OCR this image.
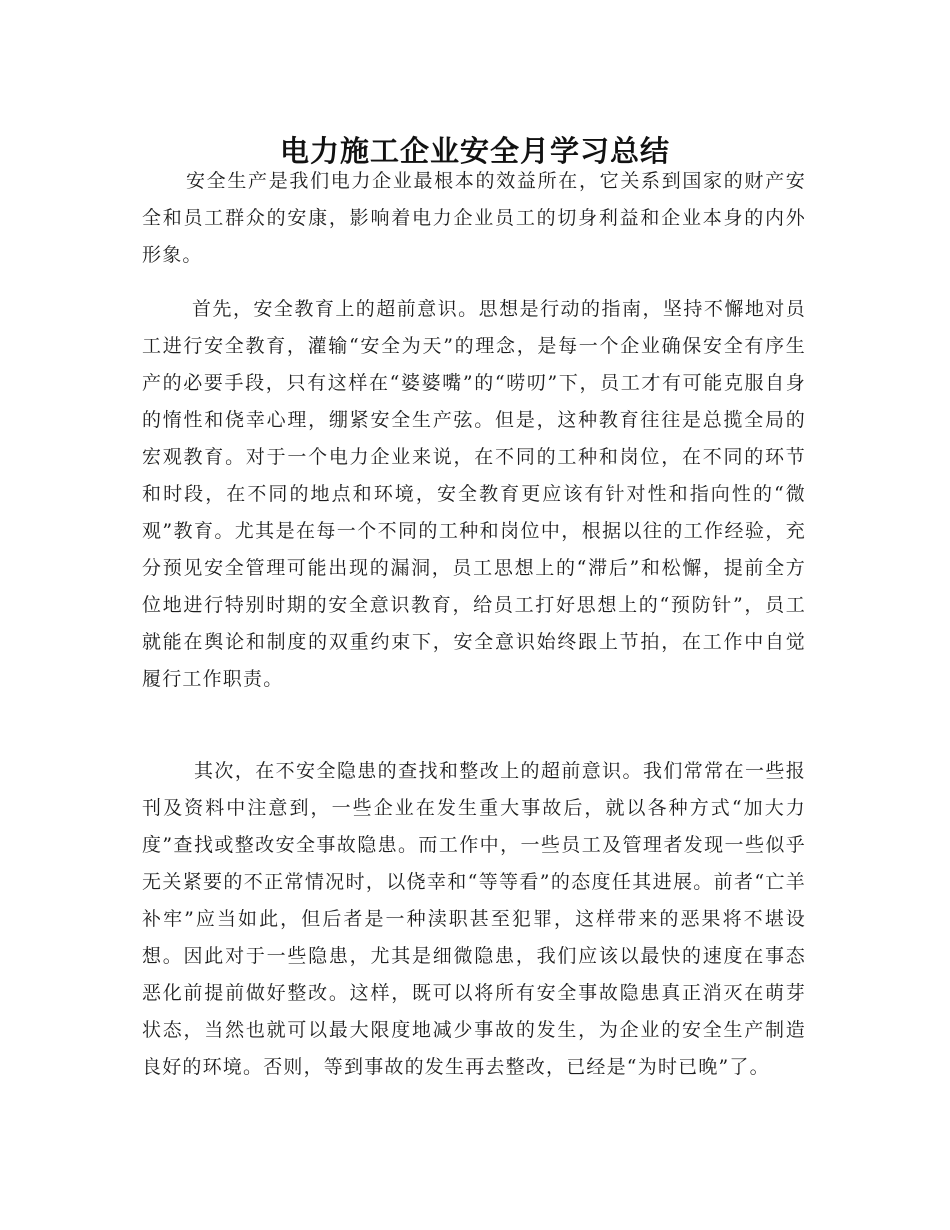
电力施工企业安全月学习总结

安全生产是我们电力企业最根本的效益所在，它关系到国家的财产安全和员工群众的安康，影响着电力企业员工的切身利益和企业本身的内外形象。

首先，安全教育上的超前意识。思想是行动的指南，坚持不懈地对员工进行安全教育，灌输“安全为天”的理念，是每一个企业确保安全有序生产的必要手段，只有这样在“婆婆嘴”的“唠叨”下，员工才有可能克服自身的惰性和侥幸心理，绷紧安全生产弦。但是，这种教育往往是总揽全局的宏观教育。对于一个电力企业来说，在不同的工种和岗位，在不同的环节和时段，在不同的地点和环境，安全教育更应该有针对性和指向性的“微观”教育。尤其是在每一个不同的工种和岗位中，根据以往的工作经验，充分预见安全管理可能出现的漏洞，员工思想上的“滞后”和松懈，提前全方位地进行特别时期的安全意识教育，给员工打好思想上的“预防针”，员工就能在舆论和制度的双重约束下，安全意识始终跟上节拍，在工作中自觉履行工作职责。

其次，在不安全隐患的查找和整改上的超前意识。我们常常在一些报刊及资料中注意到，一些企业在发生重大事故后，就以各种方式“加大力度”查找或整改安全事故隐患。而工作中，一些员工及管理者发现一些似乎无关紧要的不正常情况时，以侥幸和“等等看”的态度任其进展。前者“亡羊补牢”应当如此，但后者是一种渎职甚至犯罪，这样带来的恶果将不堪设想。因此对于一些隐患，尤其是细微隐患，我们应该以最快的速度在事态恶化前提前做好整改。这样，既可以将所有安全事故隐患真正消灭在萌芽状态，当然也就可以最大限度地减少事故的发生，为企业的安全生产制造良好的环境。否则，等到事故的发生再去整改，已经是“为时已晚”了。
